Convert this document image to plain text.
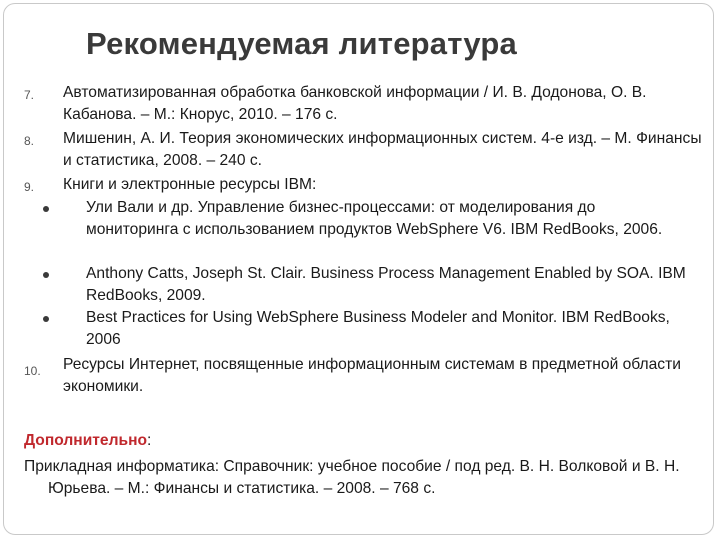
Рекомендуемая литература
7. Автоматизированная обработка банковской информации / И. В. Додонова, О. В. Кабанова. – М.: Кнорус, 2010. – 176 с.
8. Мишенин, А. И. Теория экономических информационных систем. 4-е изд. – М. Финансы и статистика, 2008. – 240 с.
9. Книги и электронные ресурсы IBM:
Ули Вали и др. Управление бизнес-процессами: от моделирования до мониторинга с использованием продуктов WebSphere V6. IBM RedBooks, 2006.
Anthony Catts, Joseph St. Clair. Business Process Management Enabled by SOA. IBM RedBooks, 2009.
Best Practices for Using WebSphere Business Modeler and Monitor. IBM RedBooks, 2006
10. Ресурсы Интернет, посвященные информационным системам в предметной области экономики.
Дополнительно:
Прикладная информатика: Справочник: учебное пособие / под ред. В. Н. Волковой и В. Н. Юрьева. – М.: Финансы и статистика. – 2008. – 768 с.
